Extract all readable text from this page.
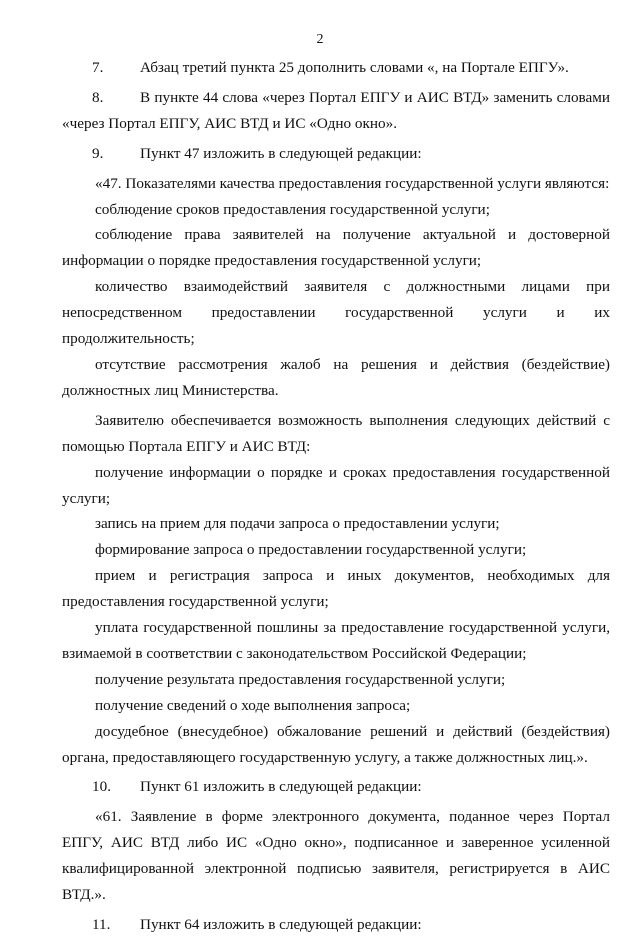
2

7. Абзац третий пункта 25 дополнить словами «, на Портале ЕПГУ».

8. В пункте 44 слова «через Портал ЕПГУ и АИС ВТД» заменить словами «через Портал ЕПГУ, АИС ВТД и ИС «Одно окно».

9. Пункт 47 изложить в следующей редакции:

«47. Показателями качества предоставления государственной услуги являются:

соблюдение сроков предоставления государственной услуги;

соблюдение права заявителей на получение актуальной и достоверной информации о порядке предоставления государственной услуги;

количество взаимодействий заявителя с должностными лицами при непосредственном предоставлении государственной услуги и их продолжительность;

отсутствие рассмотрения жалоб на решения и действия (бездействие) должностных лиц Министерства.

Заявителю обеспечивается возможность выполнения следующих действий с помощью Портала ЕПГУ и АИС ВТД:

получение информации о порядке и сроках предоставления государственной услуги;

запись на прием для подачи запроса о предоставлении услуги;

формирование запроса о предоставлении государственной услуги;

прием и регистрация запроса и иных документов, необходимых для предоставления государственной услуги;

уплата государственной пошлины за предоставление государственной услуги, взимаемой в соответствии с законодательством Российской Федерации;

получение результата предоставления государственной услуги;

получение сведений о ходе выполнения запроса;

досудебное (внесудебное) обжалование решений и действий (бездействия) органа, предоставляющего государственную услугу, а также должностных лиц.».

10. Пункт 61 изложить в следующей редакции:

«61. Заявление в форме электронного документа, поданное через Портал ЕПГУ, АИС ВТД либо ИС «Одно окно», подписанное и заверенное усиленной квалифицированной электронной подписью заявителя, регистрируется в АИС ВТД.».

11. Пункт 64 изложить в следующей редакции:
